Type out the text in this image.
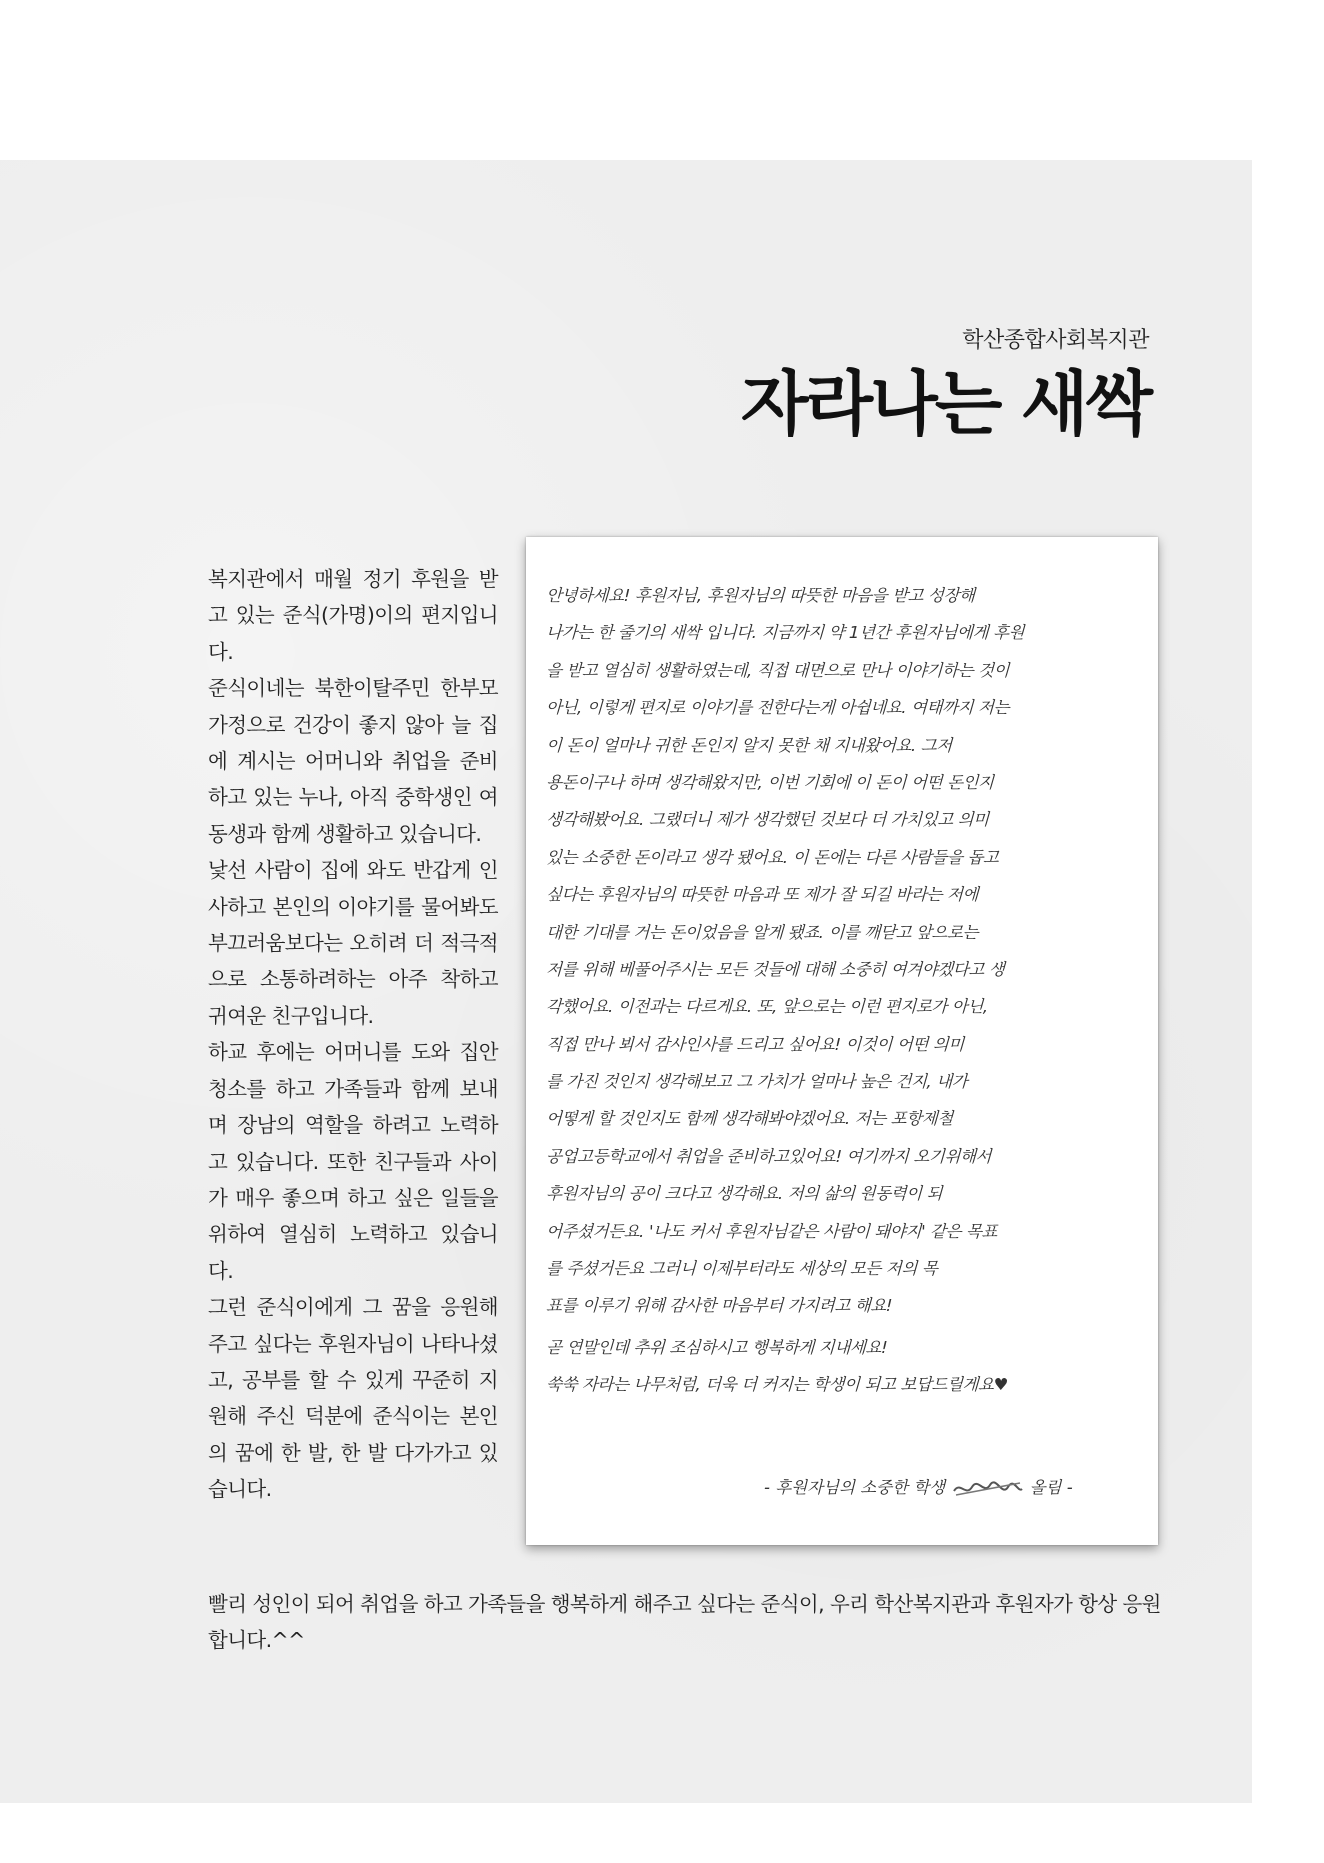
학산종합사회복지관
자라나는 새싹

복지관에서 매월 정기 후원을 받고 있는 준식(가명)이의 편지입니다.

준식이네는 북한이탈주민 한부모가정으로 건강이 좋지 않아 늘 집에 계시는 어머니와 취업을 준비하고 있는 누나, 아직 중학생인 여동생과 함께 생활하고 있습니다.

낯선 사람이 집에 와도 반갑게 인사하고 본인의 이야기를 물어봐도 부끄러움보다는 오히려 더 적극적으로 소통하려하는 아주 착하고 귀여운 친구입니다.

하교 후에는 어머니를 도와 집안 청소를 하고 가족들과 함께 보내며 장남의 역할을 하려고 노력하고 있습니다. 또한 친구들과 사이가 매우 좋으며 하고 싶은 일들을 위하여 열심히 노력하고 있습니다.

그런 준식이에게 그 꿈을 응원해 주고 싶다는 후원자님이 나타나셨고, 공부를 할 수 있게 꾸준히 지원해 주신 덕분에 준식이는 본인의 꿈에 한 발, 한 발 다가가고 있습니다.

안녕하세요! 후원자님, 후원자님의 따뜻한 마음을 받고 성장해
나가는 한 줄기의 새싹 입니다. 지금까지 약 1년간 후원자님에게 후원
을 받고 열심히 생활하였는데, 직접 대면으로 만나 이야기하는 것이
아닌, 이렇게 편지로 이야기를 전한다는게 아쉽네요. 여태까지 저는
이 돈이 얼마나 귀한 돈인지 알지 못한 채 지내왔어요. 그저
용돈이구나 하며 생각해왔지만, 이번 기회에 이 돈이 어떤 돈인지
생각해봤어요. 그랬더니 제가 생각했던 것보다 더 가치있고 의미
있는 소중한 돈이라고 생각 됐어요. 이 돈에는 다른 사람들을 돕고
싶다는 후원자님의 따뜻한 마음과 또 제가 잘 되길 바라는 저에
대한 기대를 거는 돈이었음을 알게 됐죠. 이를 깨닫고 앞으로는
저를 위해 베풀어주시는 모든 것들에 대해 소중히 여겨야겠다고 생
각했어요. 이전과는 다르게요. 또, 앞으로는 이런 편지로가 아닌,
직접 만나 뵈서 감사인사를 드리고 싶어요! 이것이 어떤 의미
를 가진 것인지 생각해보고 그 가치가 얼마나 높은 건지, 내가
어떻게 할 것인지도 함께 생각해봐야겠어요. 저는 포항제철
공업고등학교에서 취업을 준비하고있어요! 여기까지 오기위해서
후원자님의 공이 크다고 생각해요. 저의 삶의 원동력이 되
어주셨거든요. '나도 커서 후원자님같은 사람이 돼야지' 같은 목표
를 주셨거든요 그러니 이제부터라도 세상의 모든 저의 목
표를 이루기 위해 감사한 마음부터 가지려고 해요!
곧 연말인데 추위 조심하시고 행복하게 지내세요!
쑥쑥 자라는 나무처럼, 더욱 더 커지는 학생이 되고 보답드릴게요♥
- 후원자님의 소중한 학생	올림 -

빨리 성인이 되어 취업을 하고 가족들을 행복하게 해주고 싶다는 준식이, 우리 학산복지관과 후원자가 항상 응원합니다.^^
